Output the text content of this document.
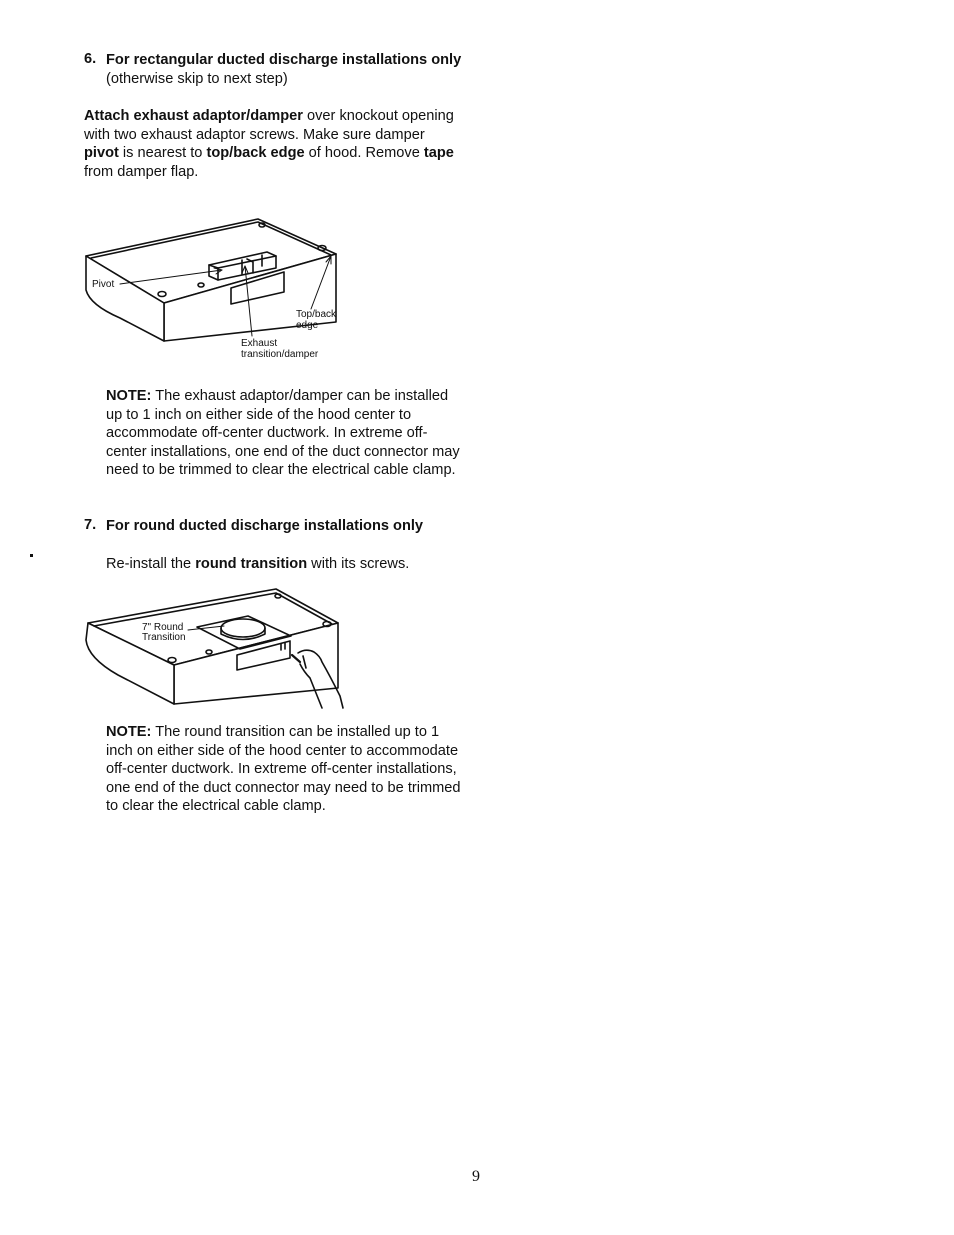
6. For rectangular ducted discharge installations only (otherwise skip to next step)
Attach exhaust adaptor/damper over knockout opening with two exhaust adaptor screws. Make sure damper pivot is nearest to top/back edge of hood. Remove tape from damper flap.
Pivot
Top/back
edge
Exhaust
transition/damper
NOTE: The exhaust adaptor/damper can be installed up to 1 inch on either side of the hood center to accommodate off-center ductwork. In extreme off-center installations, one end of the duct connector may need to be trimmed to clear the electrical cable clamp.
7. For round ducted discharge installations only
Re-install the round transition with its screws.
7" Round
Transition
NOTE: The round transition can be installed up to 1 inch on either side of the hood center to accommodate off-center ductwork. In extreme off-center installations, one end of the duct connector may need to be trimmed to clear the electrical cable clamp.
9
